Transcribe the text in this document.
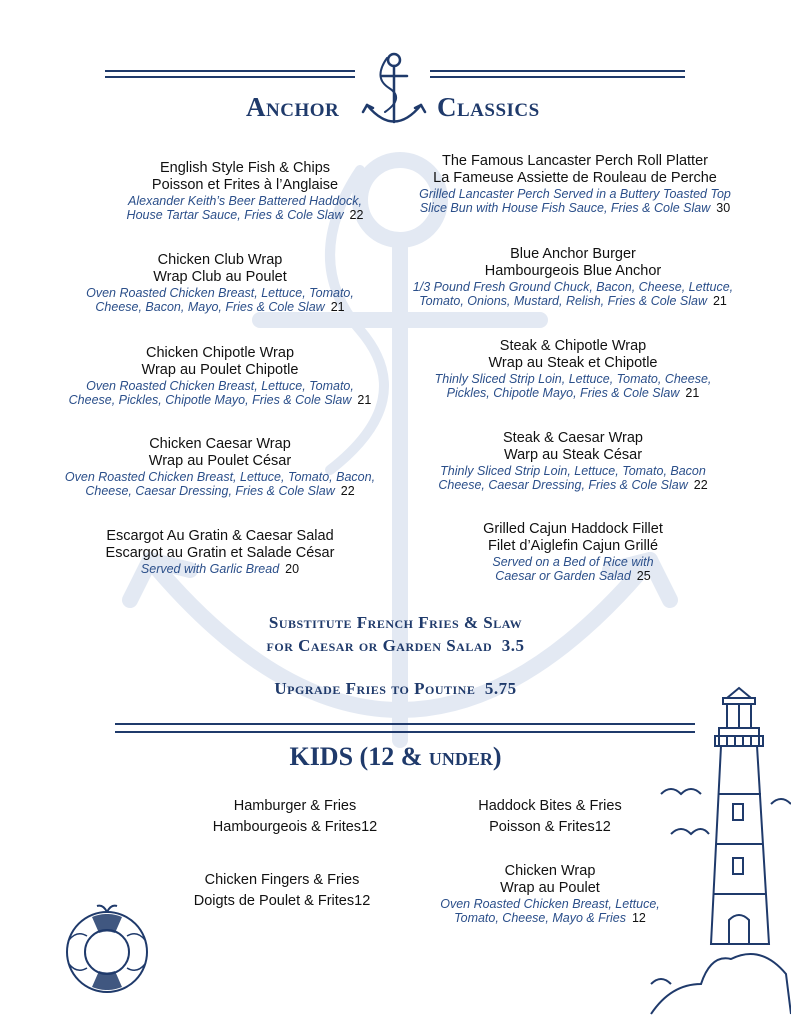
Anchor	Classics
English Style Fish & Chips
Poisson et Frites à l’Anglaise
Alexander Keith’s Beer Battered Haddock,
House Tartar Sauce, Fries & Cole Slaw 22
Chicken Club Wrap
Wrap Club au Poulet
Oven Roasted Chicken Breast, Lettuce, Tomato,
Cheese, Bacon, Mayo, Fries & Cole Slaw 21
Chicken Chipotle Wrap
Wrap au Poulet Chipotle
Oven Roasted Chicken Breast, Lettuce, Tomato,
Cheese, Pickles, Chipotle Mayo, Fries & Cole Slaw 21
Chicken Caesar Wrap
Wrap au Poulet César
Oven Roasted Chicken Breast, Lettuce, Tomato, Bacon,
Cheese, Caesar Dressing, Fries & Cole Slaw 22
Escargot Au Gratin & Caesar Salad
Escargot au Gratin et Salade César
Served with Garlic Bread 20
The Famous Lancaster Perch Roll Platter
La Fameuse Assiette de Rouleau de Perche
Grilled Lancaster Perch Served in a Buttery Toasted Top
Slice Bun with House Fish Sauce, Fries & Cole Slaw 30
Blue Anchor Burger
Hambourgeois Blue Anchor
1/3 Pound Fresh Ground Chuck, Bacon, Cheese, Lettuce,
Tomato, Onions, Mustard, Relish, Fries & Cole Slaw 21
Steak & Chipotle Wrap
Wrap au Steak et Chipotle
Thinly Sliced Strip Loin, Lettuce, Tomato, Cheese,
Pickles, Chipotle Mayo, Fries & Cole Slaw 21
Steak & Caesar Wrap
Warp au Steak César
Thinly Sliced Strip Loin, Lettuce, Tomato, Bacon
Cheese, Caesar Dressing, Fries & Cole Slaw 22
Grilled Cajun Haddock Fillet
Filet d’Aiglefin Cajun Grillé
Served on a Bed of Rice with
Caesar or Garden Salad 25
Substitute French Fries & Slaw
for Caesar or Garden Salad 3.5
Upgrade Fries to Poutine 5.75
KIDS (12 & under)
Hamburger & Fries
Hambourgeois & Frites12
Haddock Bites & Fries
Poisson & Frites12
Chicken Fingers & Fries
Doigts de Poulet & Frites12
Chicken Wrap
Wrap au Poulet
Oven Roasted Chicken Breast, Lettuce,
Tomato, Cheese, Mayo & Fries 12
